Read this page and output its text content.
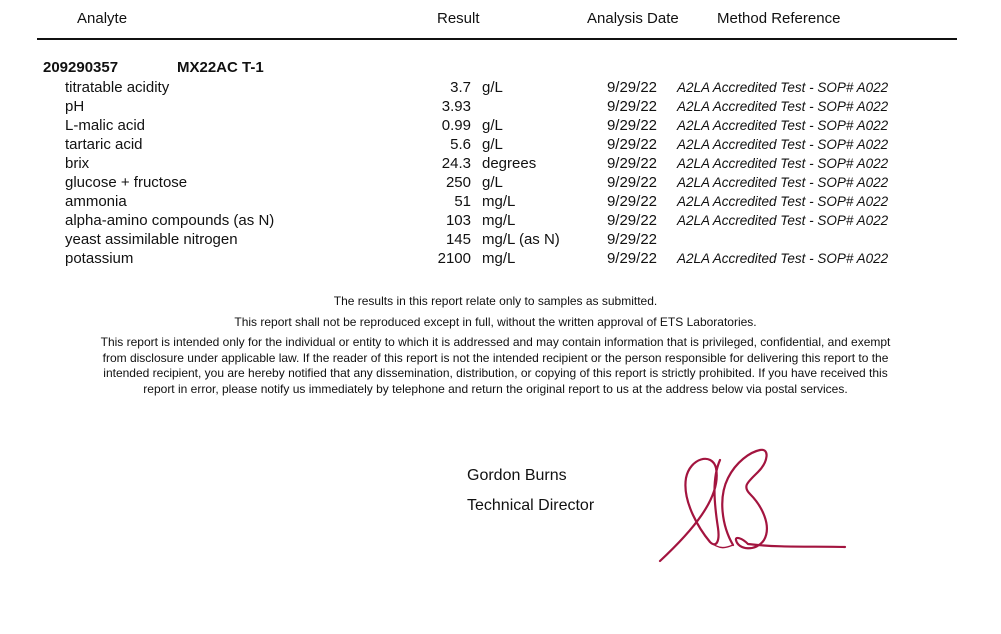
Analyte	Result	Analysis Date	Method Reference
209290357	MX22AC T-1
titratable acidity	3.7 g/L	9/29/22 A2LA Accredited Test - SOP# A022
pH	3.93	9/29/22 A2LA Accredited Test - SOP# A022
L-malic acid	0.99 g/L	9/29/22 A2LA Accredited Test - SOP# A022
tartaric acid	5.6 g/L	9/29/22 A2LA Accredited Test - SOP# A022
brix	24.3 degrees	9/29/22 A2LA Accredited Test - SOP# A022
glucose + fructose	250 g/L	9/29/22 A2LA Accredited Test - SOP# A022
ammonia	51 mg/L	9/29/22 A2LA Accredited Test - SOP# A022
alpha-amino compounds (as N)	103 mg/L	9/29/22 A2LA Accredited Test - SOP# A022
yeast assimilable nitrogen	145 mg/L (as N)	9/29/22
potassium	2100 mg/L	9/29/22 A2LA Accredited Test - SOP# A022

The results in this report relate only to samples as submitted.

This report shall not be reproduced except in full, without the written approval of ETS Laboratories.

This report is intended only for the individual or entity to which it is addressed and may contain information that is privileged, confidential, and exempt from disclosure under applicable law. If the reader of this report is not the intended recipient or the person responsible for delivering this report to the intended recipient, you are hereby notified that any dissemination, distribution, or copying of this report is strictly prohibited. If you have received this report in error, please notify us immediately by telephone and return the original report to us at the address below via postal services.

Gordon Burns
Technical Director
